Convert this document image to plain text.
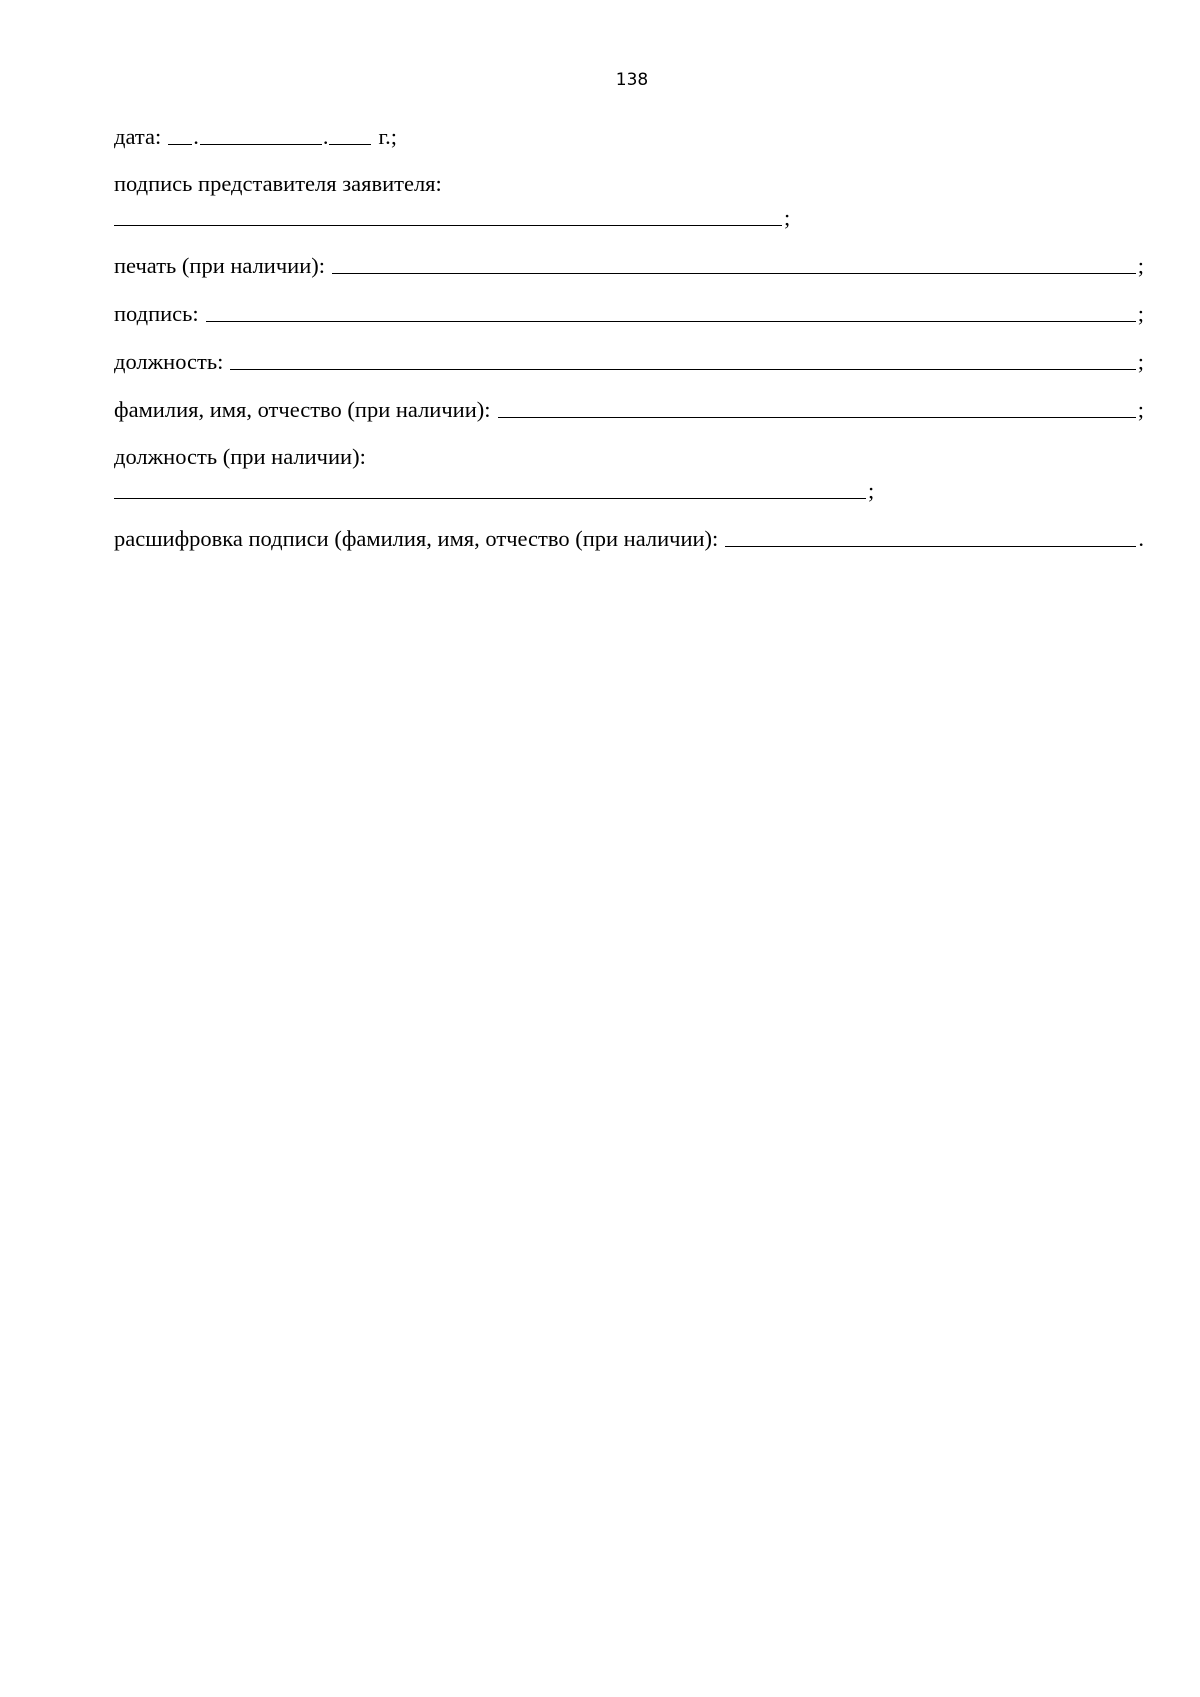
138
дата:	.	.	г.;
подпись представителя заявителя:
;
печать (при наличии):	;
подпись:	;
должность:	;
фамилия, имя, отчество (при наличии):	;
должность (при наличии):
;
расшифровка подписи (фамилия, имя, отчество (при наличии):	.
